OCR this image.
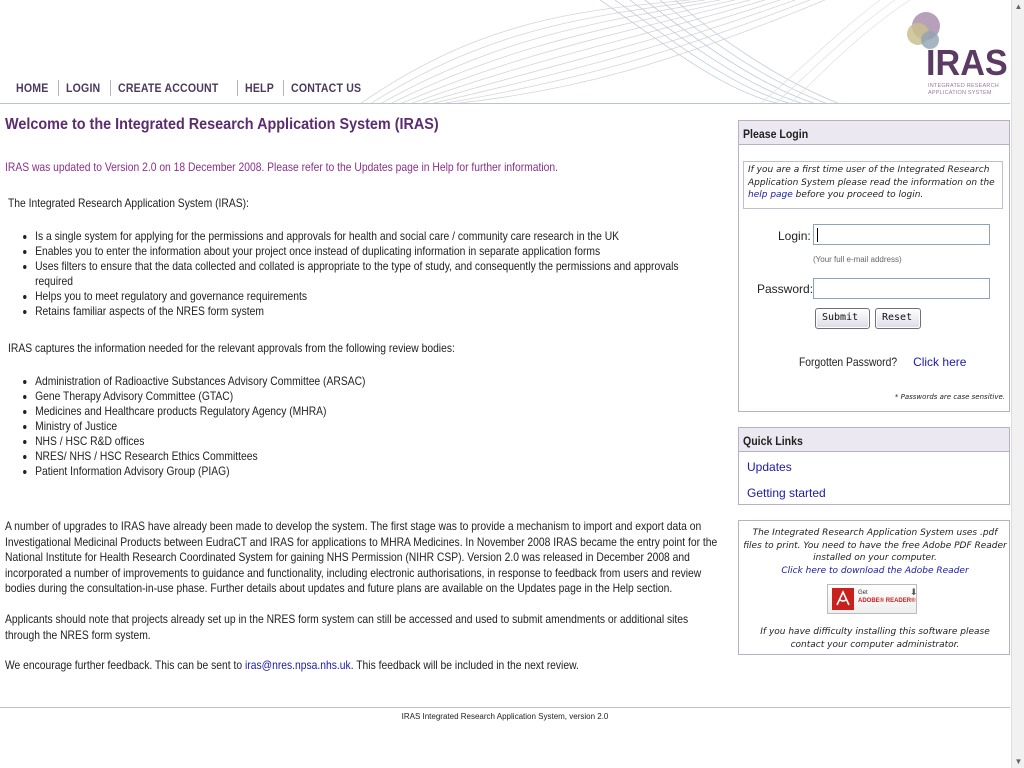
HOME	LOGIN	CREATE ACCOUNT	HELP	CONTACT US
IRAS
INTEGRATED RESEARCH
APPLICATION SYSTEM
Welcome to the Integrated Research Application System (IRAS)
IRAS was updated to Version 2.0 on 18 December 2008. Please refer to the Updates page in Help for further information.
The Integrated Research Application System (IRAS):
• Is a single system for applying for the permissions and approvals for health and social care / community care research in the UK
• Enables you to enter the information about your project once instead of duplicating information in separate application forms
• Uses filters to ensure that the data collected and collated is appropriate to the type of study, and consequently the permissions and approvals required
• Helps you to meet regulatory and governance requirements
• Retains familiar aspects of the NRES form system
IRAS captures the information needed for the relevant approvals from the following review bodies:
• Administration of Radioactive Substances Advisory Committee (ARSAC)
• Gene Therapy Advisory Committee (GTAC)
• Medicines and Healthcare products Regulatory Agency (MHRA)
• Ministry of Justice
• NHS / HSC R&D offices
• NRES/ NHS / HSC Research Ethics Committees
• Patient Information Advisory Group (PIAG)
A number of upgrades to IRAS have already been made to develop the system. The first stage was to provide a mechanism to import and export data on Investigational Medicinal Products between EudraCT and IRAS for applications to MHRA Medicines. In November 2008 IRAS became the entry point for the National Institute for Health Research Coordinated System for gaining NHS Permission (NIHR CSP). Version 2.0 was released in December 2008 and incorporated a number of improvements to guidance and functionality, including electronic authorisations, in response to feedback from users and review bodies during the consultation-in-use phase. Further details about updates and future plans are available on the Updates page in the Help section.
Applicants should note that projects already set up in the NRES form system can still be accessed and used to submit amendments or additional sites through the NRES form system.
We encourage further feedback. This can be sent to iras@nres.npsa.nhs.uk. This feedback will be included in the next review.
IRAS Integrated Research Application System, version 2.0
Please Login
If you are a first time user of the Integrated Research Application System please read the information on the help page before you proceed to login.
Login:
(Your full e-mail address)
Password:
Submit	Reset
Forgotten Password?Click here
* Passwords are case sensitive.
Quick Links
Updates
Getting started
The Integrated Research Application System uses .pdf files to print. You need to have the free Adobe PDF Reader installed on your computer.
Click here to download the Adobe Reader
Get
ADOBE® READER®
⬇
If you have difficulty installing this software please contact your computer administrator.
▲
▼
